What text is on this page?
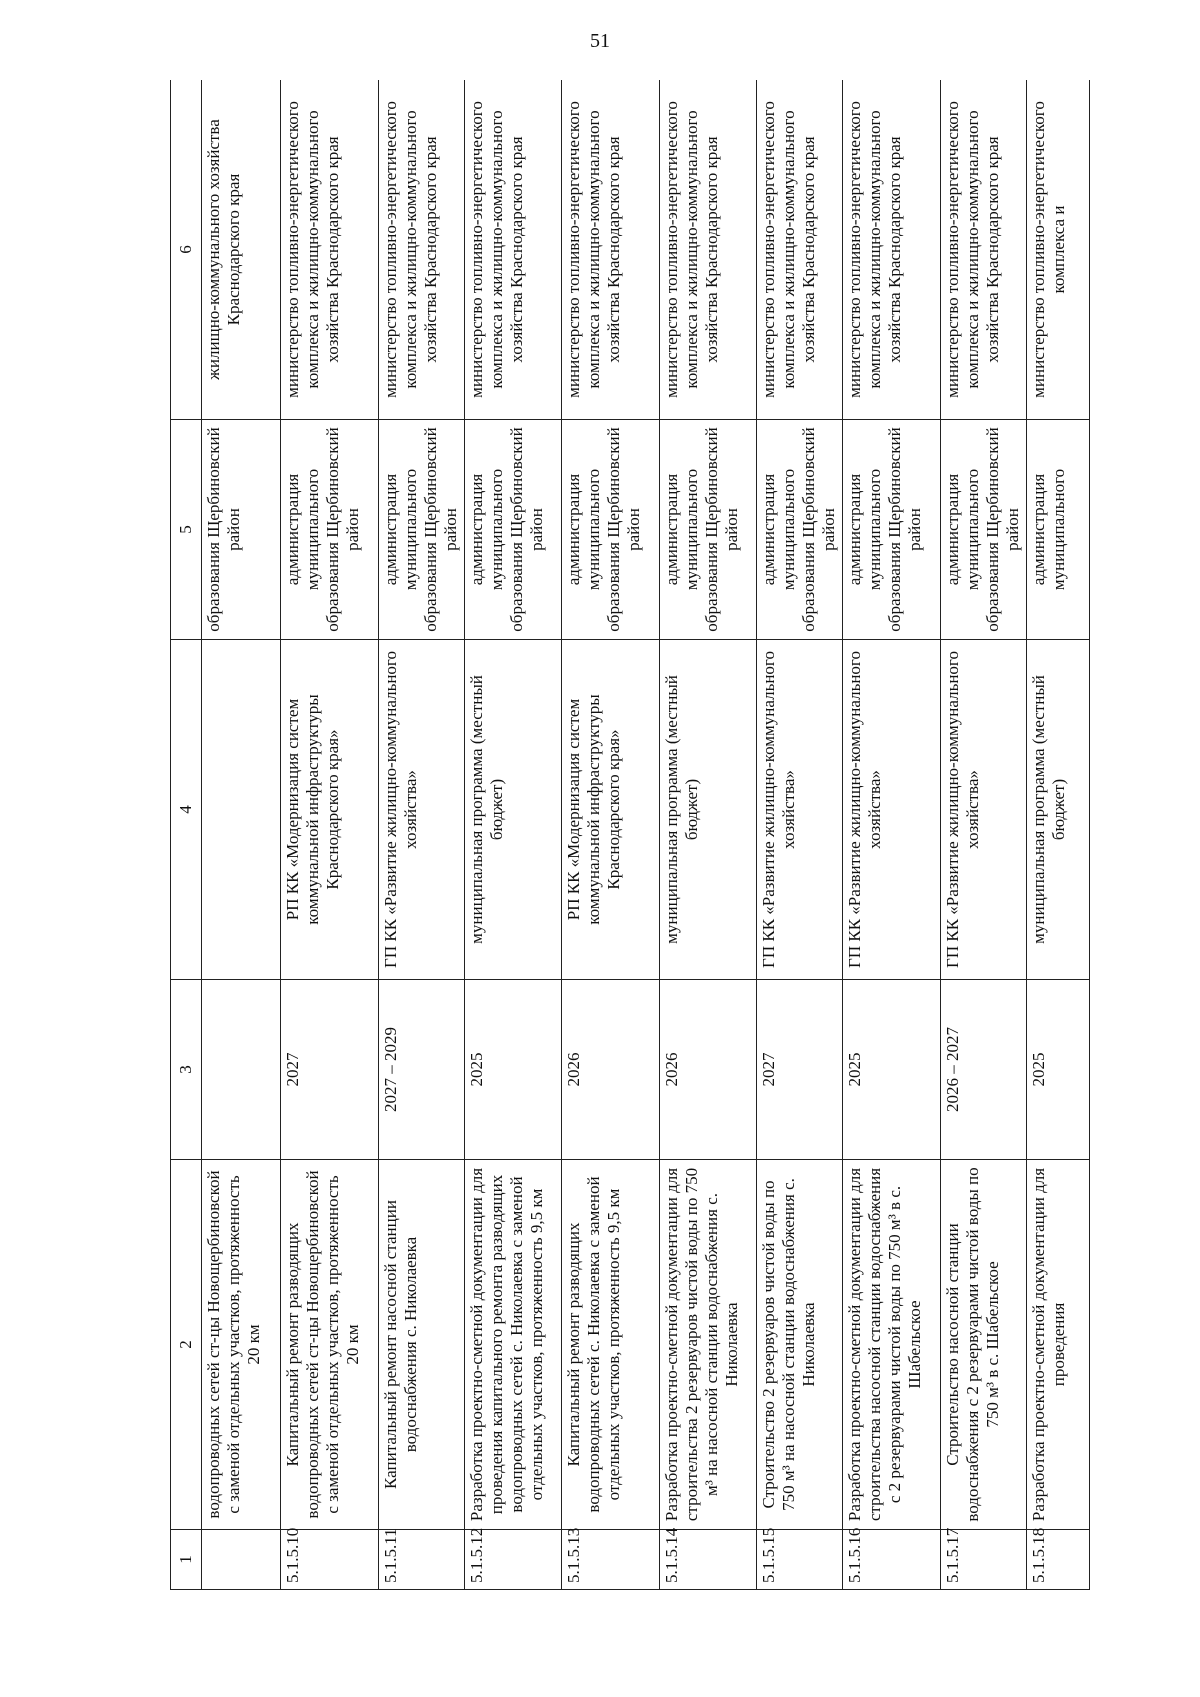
51
1	2	3	4	5	6
	водопроводных сетей ст-цы Новощербиновской с заменой отдельных участков, протяженность 20 км			образования Щербиновский район	жилищно-коммунального хозяйства Краснодарского края
5.1.5.10	Капитальный ремонт разводящих водопроводных сетей ст-цы Новощербиновской с заменой отдельных участков, протяженность 20 км	2027	РП КК «Модернизация систем коммунальной инфраструктуры Краснодарского края»	администрация муниципального образования Щербиновский район	министерство топливно-энергетического комплекса и жилищно-коммунального хозяйства Краснодарского края
5.1.5.11	Капитальный ремонт насосной станции водоснабжения с. Николаевка	2027 – 2029	ГП КК «Развитие жилищно-коммунального хозяйства»	администрация муниципального образования Щербиновский район	министерство топливно-энергетического комплекса и жилищно-коммунального хозяйства Краснодарского края
5.1.5.12	Разработка проектно-сметной документации для проведения капитального ремонта разводящих водопроводных сетей с. Николаевка с заменой отдельных участков, протяженность 9,5 км	2025	муниципальная программа (местный бюджет)	администрация муниципального образования Щербиновский район	министерство топливно-энергетического комплекса и жилищно-коммунального хозяйства Краснодарского края
5.1.5.13	Капитальный ремонт разводящих водопроводных сетей с. Николаевка с заменой отдельных участков, протяженность 9,5 км	2026	РП КК «Модернизация систем коммунальной инфраструктуры Краснодарского края»	администрация муниципального образования Щербиновский район	министерство топливно-энергетического комплекса и жилищно-коммунального хозяйства Краснодарского края
5.1.5.14	Разработка проектно-сметной документации для строительства 2 резервуаров чистой воды по 750 м³ на насосной станции водоснабжения с. Николаевка	2026	муниципальная программа (местный бюджет)	администрация муниципального образования Щербиновский район	министерство топливно-энергетического комплекса и жилищно-коммунального хозяйства Краснодарского края
5.1.5.15	Строительство 2 резервуаров чистой воды по 750 м³ на насосной станции водоснабжения с. Николаевка	2027	ГП КК «Развитие жилищно-коммунального хозяйства»	администрация муниципального образования Щербиновский район	министерство топливно-энергетического комплекса и жилищно-коммунального хозяйства Краснодарского края
5.1.5.16	Разработка проектно-сметной документации для строительства насосной станции водоснабжения с 2 резервуарами чистой воды по 750 м³ в с. Шабельское	2025	ГП КК «Развитие жилищно-коммунального хозяйства»	администрация муниципального образования Щербиновский район	министерство топливно-энергетического комплекса и жилищно-коммунального хозяйства Краснодарского края
5.1.5.17	Строительство насосной станции водоснабжения с 2 резервуарами чистой воды по 750 м³ в с. Шабельское	2026 – 2027	ГП КК «Развитие жилищно-коммунального хозяйства»	администрация муниципального образования Щербиновский район	министерство топливно-энергетического комплекса и жилищно-коммунального хозяйства Краснодарского края
5.1.5.18	Разработка проектно-сметной документации для проведения	2025	муниципальная программа (местный бюджет)	администрация муниципального	министерство топливно-энергетического комплекса и
